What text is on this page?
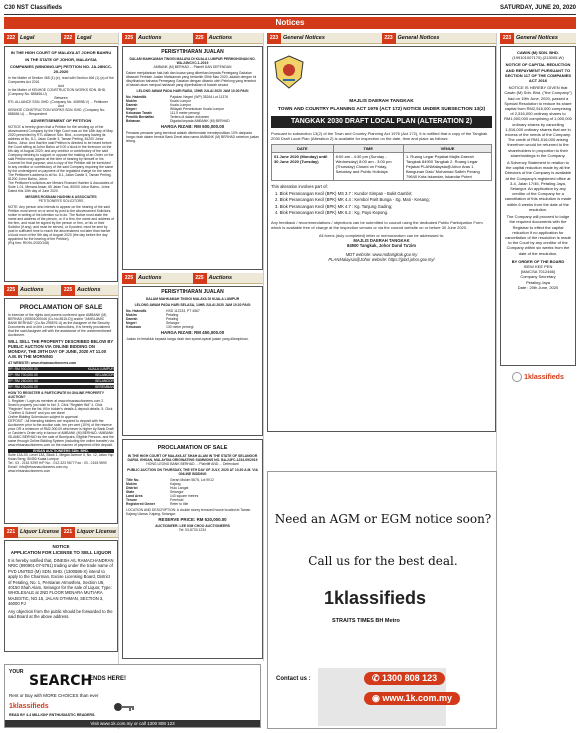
C30 NST Classifieds	SATURDAY, JUNE 20, 2020
Notices
222 Legal	222 Legal
IN THE HIGH COURT OF MALAYA AT JOHOR BAHRU
IN THE STATE OF JOHOR, MALAYSIA
COMPANIES (WINDING-UP) PETITION NO. JA-28NCC-20-2020
In the Matter of Section 465 (1) (e), read with Section 466 (1) (a) of the Companies Act 2016
And
In the Matter of KENHOE CONSTRUCTION WORKS SDN. BHD. (Company No. 888456-U)
Between
RTL ALLIANCE SDN. BHD. (Company No. 408998-V) ... Petitioner
And
KENHOE CONSTRUCTION WORKS SDN. BHD. (Company No. 888456-U) ... Respondent
ADVERTISEMENT OF PETITION
NOTICE is hereby given that a Petition for the winding up of the abovenamed Company by the High Court was on the 18th day of May 2020 presented by RTL Alliance Sdn. Bhd., a company having its address at No. 8-1, Jalan Castle 3, Taman Perling, 81200 Johor Bahru, Johor. And that the said Petition is directed to be heard before the Court sitting at Johor Bahru at 9.00 o'clock in the forenoon on the 6th day of August 2020; and any creditor or contributory of the said Company desiring to support or oppose the making of an Order on the said Petition may appear at the time of hearing by himself or his Counsel for that purpose; and a copy of the Petition will be furnished to any creditor or contributory of the said Company requiring the same by the undersigned on payment of the regulated charge for the same.
The Petitioner's address is at No. 8-1, Jalan Castle 3, Taman Perling, 81200 Johor Bahru, Johor.
The Petitioner's solicitors are Messrs Rosnani Hashim & Associates of Suite 1-01, Menara Ansar, 65 Jalan Trus, 80000 Johor Bahru, Johor.
Dated this 10th day of June 2020.
MESSRS ROSNANI HASHIM & ASSOCIATES
PETITIONER'S SOLICITORS
NOTE: Any person who intends to appear on the hearing of the said Petition must serve on or send by post to the abovenamed Solicitors, notice in writing of his intention so to do. The Notice must state the name and address of the person, or, if a firm, the name and address of the firm, and must be signed by the person or firm, or his or their Solicitor (if any), and must be served, or if posted, must be sent by post in sufficient time to reach the abovenamed not later than twelve o'clock noon of the 5th day of August 2020 (the day before the day appointed for the hearing of the Petition).
(Ruj Kes: RKH/L/2020/148)
225 Auctions	225 Auctions
PROCLAMATION OF SALE
In exercise of the rights and powers conferred upon AMBANK (M) BERHAD (195501000046 (Co.No.8515-D)) and/or "AMISLAMIC BANK BERHAD" (Co.No.295576-U) as the Assignee of the Security Documents and on the Lender's instructions, it is hereby proclaimed that the said Assignee will with the assistance of the undermentioned Auctioneer.
WILL SELL THE PROPERTY DESCRIBED BELOW BY PUBLIC AUCTION VIA ONLINE BIDDING ON MONDAY, THE 29TH DAY OF JUNE, 2020 AT 11.00 A.M. IN THE MORNING
AT WEBSITE: www.ehsanauctioneers.com
RP: RM 900,000.00	KUALA LUMPUR
RP: RM 700,000.00	SELANGOR
RP: RM 280,000.00	SELANGOR
RP: RM 230,000.00	SEREMBAN
HOW TO REGISTER & PARTICIPATE IN ONLINE PROPERTY AUCTION?
1. Register / Login as member at www.ehsanauctioneers.com 2. Search property you wish to bid. 3. Click "Register Bid" 4. Click "Register" from the list, fill in bidder's details & deposit details. 5. Click "Confirm & Submit" and you are done!
Online Bidding Submission subject to approval
DEPOSIT : All intending bidders are required to deposit with the Auctioneer prior to the auction sale, ten per cent (10%) of the reserve price OR a minimum of RM2,000.00 whichever is higher by Bank Draft or Cashier's Order only in favour of AMBANK (M) BERHAD / AMBANK ISLAMIC BERHAD for the sale of Bumiputra, Eligible Persons, and the same through Online Bidding System (including the online transfer) via www.ehsanauctioneers.com on the manner of payment of the deposit.
EHSAN AUCTIONEERS SDN. BHD.
Suite 13A-03, Level 13A, Block 1, Megan Avenue II, No. 12, Jalan Yap Kwan Seng, 50450 Kuala Lumpur
Tel : 03 - 2161 9299 H/P No. : 012-323 9677 Fax : 03 - 2163 9690
Email : info@ehsanauctioneers.com.my
www.ehsanauctioneers.com
221 Liquor License 221 Liquor License
NOTICE
APPLICATION FOR LICENSE TO SELL LIQUOR
It is hereby notified that, DINESH A/L RAMACHANDRAN NRIC (890901-07-5761) trading under the trade name of PVD UNITED (M) SDN. BHD. (1300586-X) intend to apply to the Chairman, Excise Licensing Board, District of Petaling, No. 1, Persiaran Atmosfera, Section U5, 40150 Shah Alam, Selangor for the sale of Liquor, Type: WHOLESALE at 2ND FLOOR MENARA MUTIARA MAJESTIC, NO.15, JALAN OTHMAN, SECTION 3, 46000 PJ
Any objection from the public should be forwarded to the said Board at the above address.
YOUR
SEARCH
ENDS HERE!
Rent or Buy with MORE CHOICES than ever
1klassifieds
READ BY 4.4 MILLION* ENTHUSIASTIC READERS.
Visit www.1k.com.my or call 1300 808 123
225 Auctions	225 Auctions
PERISYTIHARAN JUALAN
DALAM MAHKAMAH TINGGI MALAYA DI KUALA LUMPUR PERMOHONAN NO. WA-24NCVC-1-2019
AMBANK (M) BERHAD ... Plaintif DAN DEFENDAN
Dalam menjalankan hak-hak dan kuasa yang diberikan kepada Pemegang Gadaian dibawah Perintah Jualan Mahkamah yang bertarikh 05hb Mac 2020, adalah dengan ini diisytiharkan bahawa Pemegang Gadaian dengan dibantu oleh Pelelong yang tersebut di bawah akan menjual hartanah yang diperihalkan di bawah secara
LELONG AWAM PADA HARI RABU, 15HB JULAI 2020 JAM 10.00 PAGI
No. Hakmilik	Pajakan Negeri (WP) 35264 Lot 11376
Mukim	Kuala Lumpur
Daerah	Kuala Lumpur
Negeri	Wilayah Persekutuan Kuala Lumpur
Keluasan Tanah	111.5 meter persegi
Pemilik Berdaftar	Tertera di dalam dokumen
Bebanan	Digadai kepada AMBANK (M) BERHAD
HARGA RIZAB: RM 600,000.00
Penawar-penawar yang berminat adalah dikehendaki mendepositkan 10% daripada harga rizab dalam bentuk Bank Deraf atas nama AMBANK (M) BERHAD sebelum jualan lelong.
225 Auctions	225 Auctions
PERISYTIHARAN JUALAN
DALAM MAHKAMAH TINGGI MALAYA DI KUALA LUMPUR
LELONG AWAM PADA HARI SELASA, 14HB JULAI 2020 JAM 10.30 PAGI
No. Hakmilik	HSD 112233, PT 4567
Mukim	Petaling
Daerah	Petaling
Negeri	Selangor
Keluasan	130 meter persegi
HARGA RIZAB: RM 450,000.00
Jualan ini tertakluk kepada harga rizab dan syarat-syarat jualan yang dilampirkan.
PROCLAMATION OF SALE
IN THE HIGH COURT OF MALAYA AT SHAH ALAM IN THE STATE OF SELANGOR DARUL EHSAN, MALAYSIA ORIGINATING SUMMONS NO. BA-24FC-1234-09/2019
HONG LEONG BANK BERHAD ... Plaintiff AND ... Defendant
PUBLIC AUCTION ON THURSDAY, THE 9TH DAY OF JULY, 2020 AT 10.30 A.M. VIA ONLINE BIDDING
Title No.	Geran Mukim 5678, Lot 9012
Mukim	Kajang
District	Hulu Langat
State	Selangor
Land Area	143 square metres
Tenure	Freehold
Registered Owner	Refer to title
LOCATION AND DESCRIPTION: A double storey terraced house located at Taman Kajang Utama, Kajang, Selangor.
RESERVE PRICE: RM 520,000.00
AUCTIONEER: LEE KIM CHOO AUCTIONEERS
Tel: 03-8733 1234
223 General Notices	223 General Notices
MAJLIS DAERAH TANGKAK
TOWN AND COUNTRY PLANNING ACT 1976 (ACT 172) NOTICE UNDER SUBSECTION 13(2)
TANGKAK 2030 DRAFT LOCAL PLAN (ALTERATION 2)
Pursuant to subsection 13(2) of the Town and Country Planning Act 1976 (Act 172), it is notified that a copy of the Tangkak 2030 Draft Local Plan (Alteration 2) is available for inspection on the date, time and place as follows:
DATE	TIME	VENUE
01 June 2020 (Monday) until 30 June 2020 (Tuesday)	8:00 am - 4:30 pm (Sunday - Wednesday) 8:00 am - 3:00 pm (Thursday) Closed on Friday, Saturday and Public Holidays	1. Ruang Legar Pejabat Majlis Daerah Tangkak 84900 Tangkak 2. Ruang Legar Pejabat PLANMalaysia@Johor Aras 1 Bangunan Dato' Mohamad Salleh Perang 79640 Kota Iskandar, Iskandar Puteri
This alteration involves part of:
1. Blok Perancangan Kecil (BPK) MS 3.7 : Kundor Simpan - Bukit Gambir;
2. Blok Perancangan Kecil (BPK) MK 4.4 : Kembol Parit Bunga - Sg. Mati - Kesang;
3. Blok Perancangan Kecil (BPK) MK 4.7 : Kg. Tanjung Gading;
4. Blok Perancangan Kecil (BPK) MK 6.2 : Kg. Payo Kepong.
Any feedback / recommendations / objections can be submitted to council using the dedicated Public Participation Form which is available free of charge at the inspection venues or via the council website on or before 30 June 2020.
All forms (duly completed) letter or memorandum can be addressed to:
MAJLIS DAERAH TANGKAK
84900 Tangkak, Johor Darul Ta'zim
MDT website: www.mdtangkak.gov.my
PLANMalaysia@Johor website: https://jpbd.johor.gov.my/
Need an AGM or EGM notice soon?
Call us for the best deal.
1klassifieds
STRAITS TIMES BH Metro
Contact us :	✆ 1300 808 123
◉ www.1k.com.my
223 General Notices
CAWIN (M) SDN. BHD.
(199101007170) (213005-W)
NOTICE OF CAPITAL REDUCTION AND REPAYMENT PURSUANT TO SECTION 117 OF THE COMPANIES ACT 2016
NOTICE IS HEREBY GIVEN that Cawin (M) Sdn. Bhd. ("the Company") had on 19th June, 2020, passed a Special Resolution to reduce its share capital from RM2,516,000 comprising of 2,516,000 ordinary shares to RM1,000,000 comprising of 1,000,000 ordinary shares by cancelling 1,516,000 ordinary shares that are in excess of the needs of the Company. The credit of RM1,516,000 arising therefrom would be returned to the shareholders in proportion to their shareholdings in the Company.
A Solvency Statement in relation to the capital reduction made by all the Directors of the Company is available at the Company's registered office at 3-4, Jalan 17/45, Petaling Jaya, Selangor. An application by any creditor of the Company for a cancellation of this resolution is made within 6 weeks from the date of the resolution.
The Company will proceed to lodge the required documents with the Registrar to effect the capital reduction if no application for cancellation of the resolution is made to the Court by any creditor of the Company within six weeks from the date of the resolution.
BY ORDER OF THE BOARD
SIEW KEE PEN
(MAICSA 7012466)
Company Secretary
Petaling Jaya
Date : 20th June, 2020
1klassifieds
